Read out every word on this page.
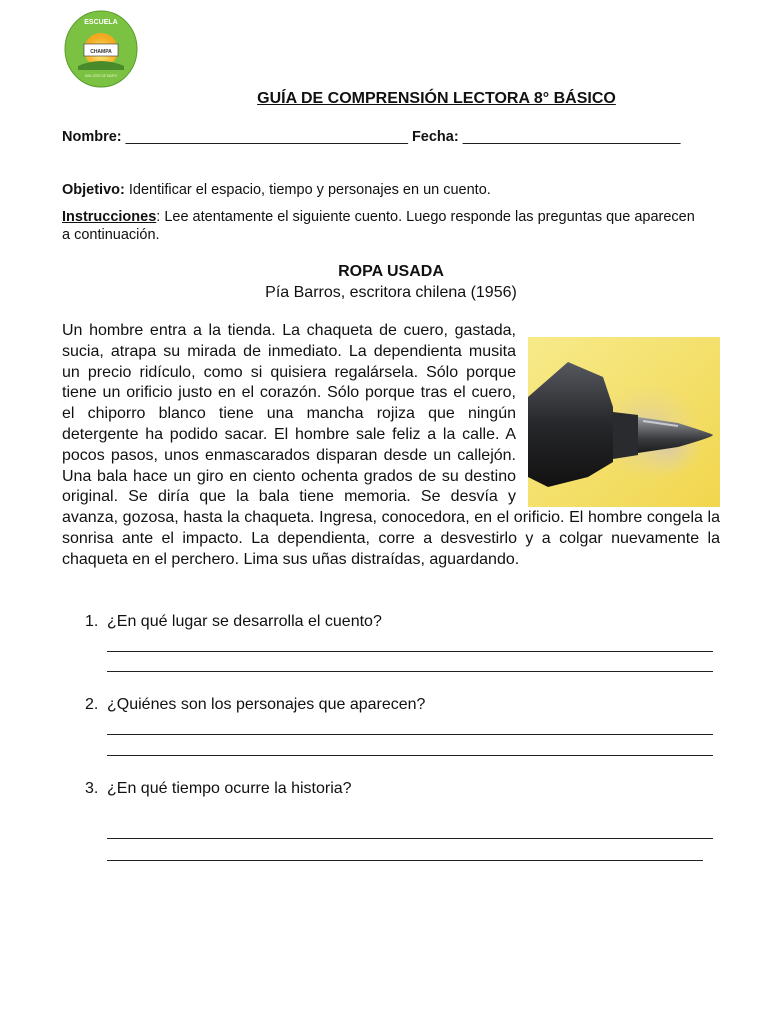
ESCUELA
CHAMPA
SAN JOSE DE MAIPO
GUÍA DE COMPRENSIÓN LECTORA 8° BÁSICO
Nombre: ___________________________________ Fecha: ___________________________
Objetivo: Identificar el espacio, tiempo y personajes en un cuento.
Instrucciones: Lee atentamente el siguiente cuento. Luego responde las preguntas que aparecen
a continuación.
ROPA USADA
Pía Barros, escritora chilena (1956)
Un hombre entra a la tienda. La chaqueta de cuero, gastada, sucia, atrapa su mirada de inmediato. La dependienta musita un precio ridículo, como si quisiera regalársela. Sólo porque tiene un orificio justo en el corazón. Sólo porque tras el cuero, el chiporro blanco tiene una mancha rojiza que ningún detergente ha podido sacar. El hombre sale feliz a la calle. A pocos pasos, unos enmascarados disparan desde un callejón. Una bala hace un giro en ciento ochenta grados de su destino original. Se diría que la bala tiene memoria. Se desvía y avanza, gozosa, hasta la chaqueta. Ingresa, conocedora, en el orificio. El hombre congela la sonrisa ante el impacto. La dependienta, corre a desvestirlo y a colgar nuevamente la chaqueta en el perchero. Lima sus uñas distraídas, aguardando.
1. ¿En qué lugar se desarrolla el cuento?
2. ¿Quiénes son los personajes que aparecen?
3. ¿En qué tiempo ocurre la historia?
